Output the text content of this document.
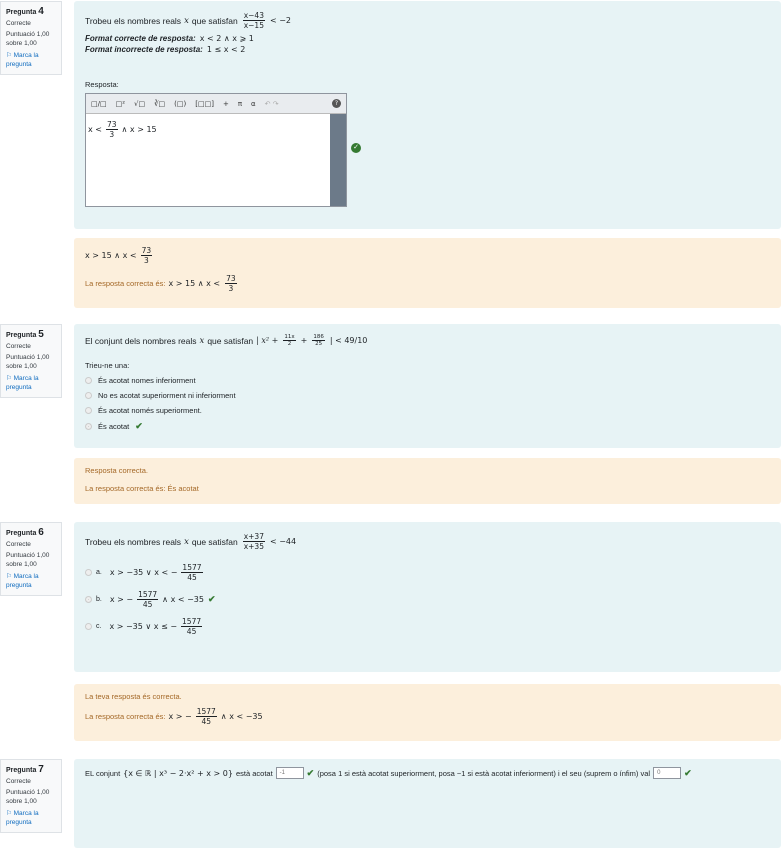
Pregunta 4
Correcte
Puntuació 1,00 sobre 1,00
⚐ Marca la pregunta
Trobeu els nombres reals x que satisfan $\frac{x-43}{x-15} < -2$
Format correcte de resposta: x < 2 ∧ x ⩾ 1
Format incorrecte de resposta: 1 ≤ x < 2
Resposta:
□/□ □² √□ ∛□ (□) [□□] + π α ↶ ↷	?
$x < \frac{73}{3}$ ∧ x > 15
✓
x > 15 ∧ $x < \frac{73}{3}$
La resposta correcta és: x > 15 ∧ $x < \frac{73}{3}$
Pregunta 5
Correcte
Puntuació 1,00 sobre 1,00
⚐ Marca la pregunta
El conjunt dels nombres reals x que satisfan | $x^2 + \frac{11x}{2} + \frac{186}{25}$ | < 49/10
Trieu-ne una:
És acotat nomes inferiorment
No es acotat superiorment ni inferiorment
És acotat només superiorment.
És acotat ✔
Resposta correcta.
La resposta correcta és: És acotat
Pregunta 6
Correcte
Puntuació 1,00 sobre 1,00
⚐ Marca la pregunta
Trobeu els nombres reals x que satisfan $\frac{x+37}{x+35} < -44$
a. x > −35 ∨ x < − $\frac{1577}{45}$
b. x > − $\frac{1577}{45}$ ∧ x < −35 ✔
c. x > −35 ∨ x ≤ − $\frac{1577}{45}$
La teva resposta és correcta.
La resposta correcta és: x > − $\frac{1577}{45}$ ∧ x < −35
Pregunta 7
Correcte
Puntuació 1,00 sobre 1,00
⚐ Marca la pregunta
EL conjunt {x ∈ ℝ | x³ − 2·x² + x > 0} està acotat	-1	✔ (posa 1 si està acotat superiorment, posa −1 si està acotat inferiorment) i el seu (suprem o ínfim) val	0	✔
